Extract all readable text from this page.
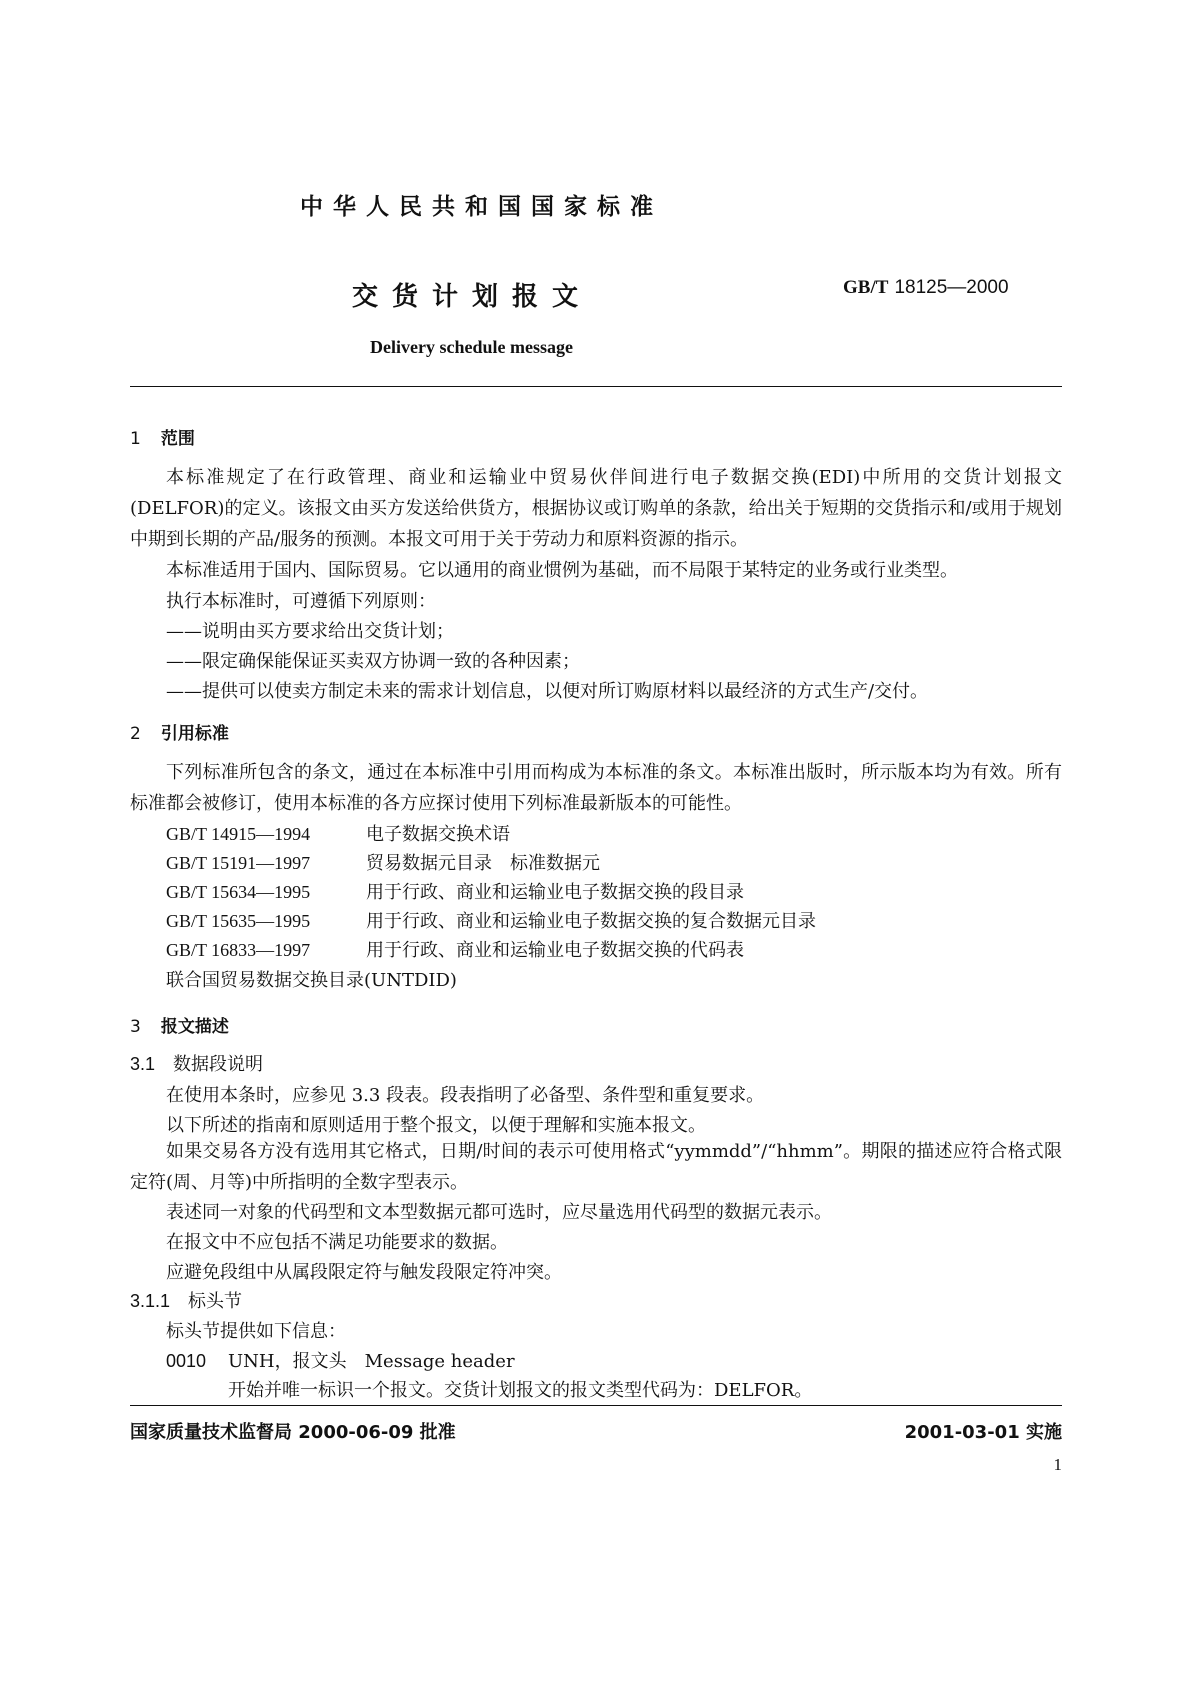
中华人民共和国国家标准
交货计划报文	GB/T 18125—2000
Delivery schedule message
1 范围
本标准规定了在行政管理、商业和运输业中贸易伙伴间进行电子数据交换(EDI)中所用的交货计划报文(DELFOR)的定义。该报文由买方发送给供货方，根据协议或订购单的条款，给出关于短期的交货指示和/或用于规划中期到长期的产品/服务的预测。本报文可用于关于劳动力和原料资源的指示。
本标准适用于国内、国际贸易。它以通用的商业惯例为基础，而不局限于某特定的业务或行业类型。
执行本标准时，可遵循下列原则：
——说明由买方要求给出交货计划；
——限定确保能保证买卖双方协调一致的各种因素；
——提供可以使卖方制定未来的需求计划信息，以便对所订购原材料以最经济的方式生产/交付。
2 引用标准
下列标准所包含的条文，通过在本标准中引用而构成为本标准的条文。本标准出版时，所示版本均为有效。所有标准都会被修订，使用本标准的各方应探讨使用下列标准最新版本的可能性。
GB/T 14915—1994	电子数据交换术语
GB/T 15191—1997	贸易数据元目录　标准数据元
GB/T 15634—1995	用于行政、商业和运输业电子数据交换的段目录
GB/T 15635—1995	用于行政、商业和运输业电子数据交换的复合数据元目录
GB/T 16833—1997	用于行政、商业和运输业电子数据交换的代码表
联合国贸易数据交换目录(UNTDID)
3 报文描述
3.1 数据段说明
在使用本条时，应参见 3.3 段表。段表指明了必备型、条件型和重复要求。
以下所述的指南和原则适用于整个报文，以便于理解和实施本报文。
如果交易各方没有选用其它格式，日期/时间的表示可使用格式“yymmdd”/“hhmm”。期限的描述应符合格式限定符(周、月等)中所指明的全数字型表示。
表述同一对象的代码型和文本型数据元都可选时，应尽量选用代码型的数据元表示。
在报文中不应包括不满足功能要求的数据。
应避免段组中从属段限定符与触发段限定符冲突。
3.1.1 标头节
标头节提供如下信息：
0010 UNH，报文头　Message header
开始并唯一标识一个报文。交货计划报文的报文类型代码为：DELFOR。
国家质量技术监督局 2000-06-09 批准	2001-03-01 实施
1
